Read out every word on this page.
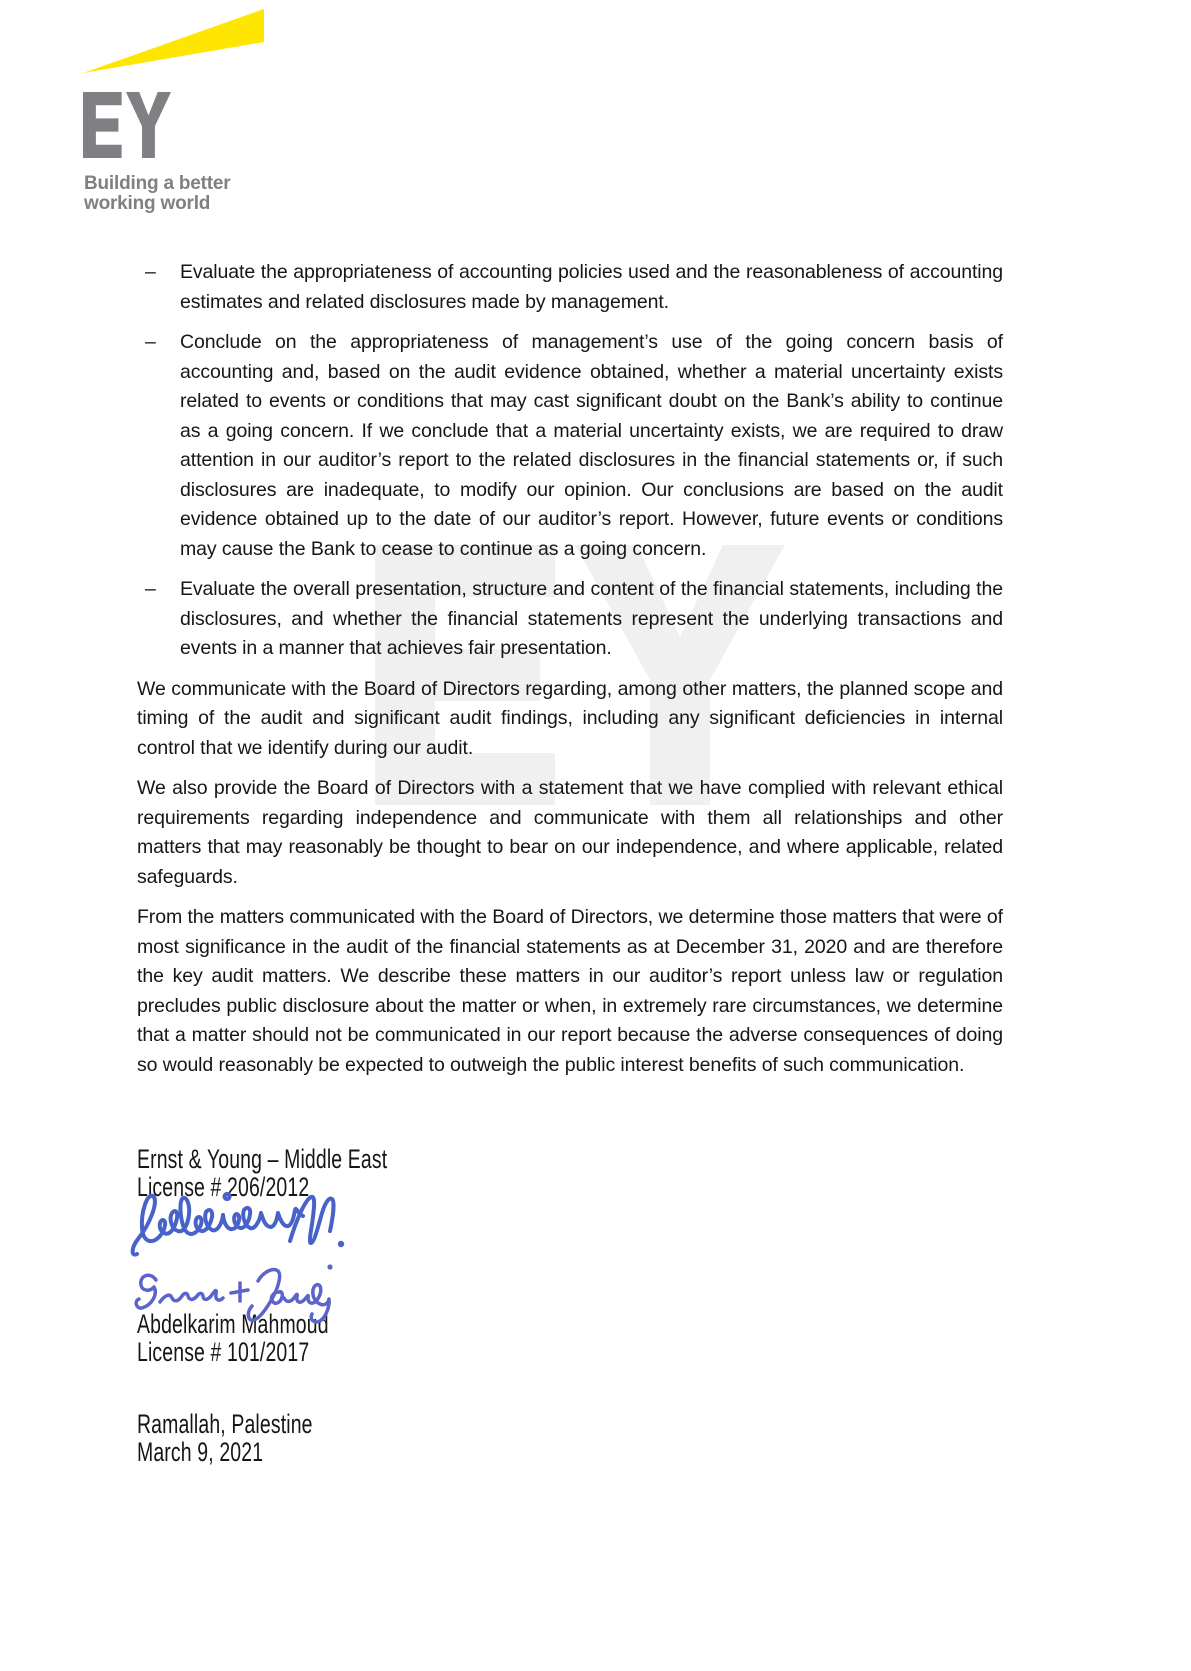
Building a better
working world
–	Evaluate the appropriateness of accounting policies used and the reasonableness of accounting estimates and related disclosures made by management.
–	Conclude on the appropriateness of management’s use of the going concern basis of accounting and, based on the audit evidence obtained, whether a material uncertainty exists related to events or conditions that may cast significant doubt on the Bank’s ability to continue as a going concern. If we conclude that a material uncertainty exists, we are required to draw attention in our auditor’s report to the related disclosures in the financial statements or, if such disclosures are inadequate, to modify our opinion. Our conclusions are based on the audit evidence obtained up to the date of our auditor’s report. However, future events or conditions may cause the Bank to cease to continue as a going concern.
–	Evaluate the overall presentation, structure and content of the financial statements, including the disclosures, and whether the financial statements represent the underlying transactions and events in a manner that achieves fair presentation.
We communicate with the Board of Directors regarding, among other matters, the planned scope and timing of the audit and significant audit findings, including any significant deficiencies in internal control that we identify during our audit.
We also provide the Board of Directors with a statement that we have complied with relevant ethical requirements regarding independence and communicate with them all relationships and other matters that may reasonably be thought to bear on our independence, and where applicable, related safeguards.
From the matters communicated with the Board of Directors, we determine those matters that were of most significance in the audit of the financial statements as at December 31, 2020 and are therefore the key audit matters. We describe these matters in our auditor’s report unless law or regulation precludes public disclosure about the matter or when, in extremely rare circumstances, we determine that a matter should not be communicated in our report because the adverse consequences of doing so would reasonably be expected to outweigh the public interest benefits of such communication.
Ernst & Young – Middle East
License # 206/2012
Abdelkarim Mahmoud
License # 101/2017
Ramallah, Palestine
March 9, 2021
